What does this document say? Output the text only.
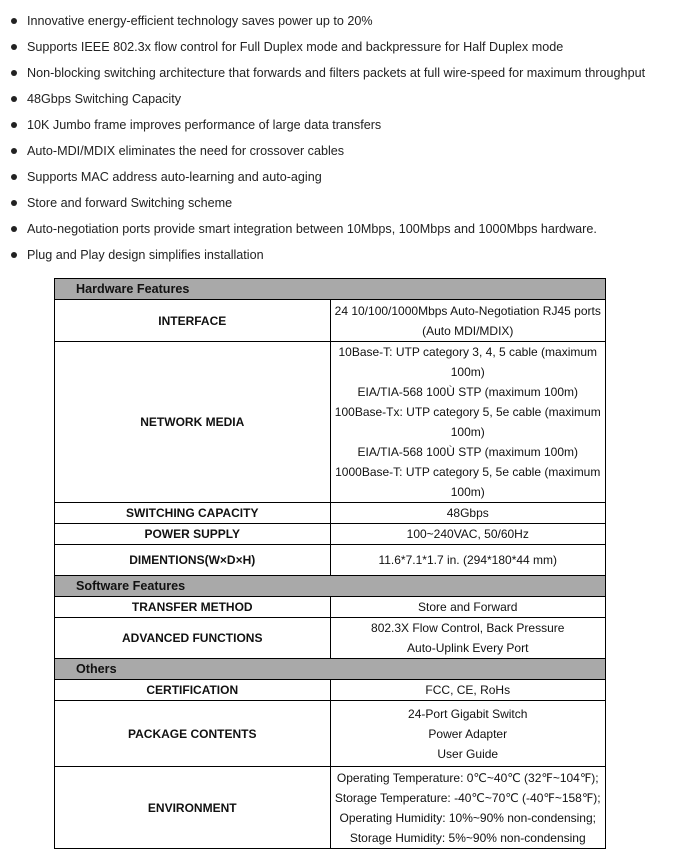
Innovative energy-efficient technology saves power up to 20%
Supports IEEE 802.3x flow control for Full Duplex mode and backpressure for Half Duplex mode
Non-blocking switching architecture that forwards and filters packets at full wire-speed for maximum throughput
48Gbps Switching Capacity
10K Jumbo frame improves performance of large data transfers
Auto-MDI/MDIX eliminates the need for crossover cables
Supports MAC address auto-learning and auto-aging
Store and forward Switching scheme
Auto-negotiation ports provide smart integration between 10Mbps, 100Mbps and 1000Mbps hardware.
Plug and Play design simplifies installation
Hardware Features	
INTERFACE	24 10/100/1000Mbps Auto-Negotiation RJ45 ports
(Auto MDI/MDIX)

NETWORK MEDIA	10Base-T: UTP category 3, 4, 5 cable (maximum 100m)
EIA/TIA-568 100Ù STP (maximum 100m)
100Base-Tx: UTP category 5, 5e cable (maximum 100m)
EIA/TIA-568 100Ù STP (maximum 100m)
1000Base-T: UTP category 5, 5e cable (maximum 100m)

SWITCHING CAPACITY	48Gbps
POWER SUPPLY	100~240VAC, 50/60Hz
DIMENTIONS(W×D×H)	11.6*7.1*1.7 in. (294*180*44 mm)
Software Features	
TRANSFER METHOD	Store and Forward
ADVANCED FUNCTIONS	802.3X Flow Control, Back Pressure
Auto-Uplink Every Port

Others	
CERTIFICATION	FCC, CE, RoHs
PACKAGE CONTENTS	24-Port Gigabit Switch
Power Adapter
User Guide

ENVIRONMENT	Operating Temperature: 0℃~40℃ (32℉~104℉);
Storage Temperature: -40℃~70℃ (-40℉~158℉);
Operating Humidity: 10%~90% non-condensing;
Storage Humidity: 5%~90% non-condensing
